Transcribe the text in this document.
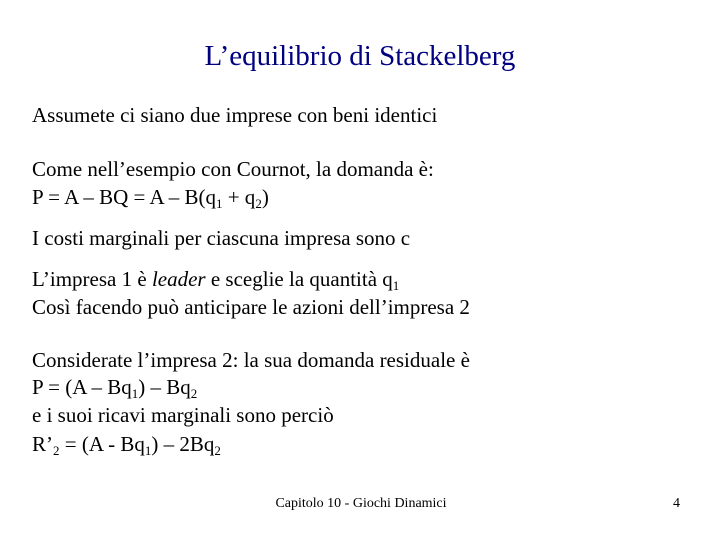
L’equilibrio di Stackelberg
Assumete ci siano due imprese con beni identici
Come nell’esempio con Cournot, la domanda è:
P = A – BQ = $A - B(q_1 + q_2)$
I costi marginali per ciascuna impresa sono c
L’impresa 1 è leader e sceglie la quantità $q_1$
Così facendo può anticipare le azioni dell’impresa 2
Considerate l’impresa 2: la sua domanda residuale è
$P = (A - Bq_1) - Bq_2$
e i suoi ricavi marginali sono perciò
$R’_2 = (A - Bq_1) - 2Bq_2$
Capitolo 10 - Giochi Dinamici	4
